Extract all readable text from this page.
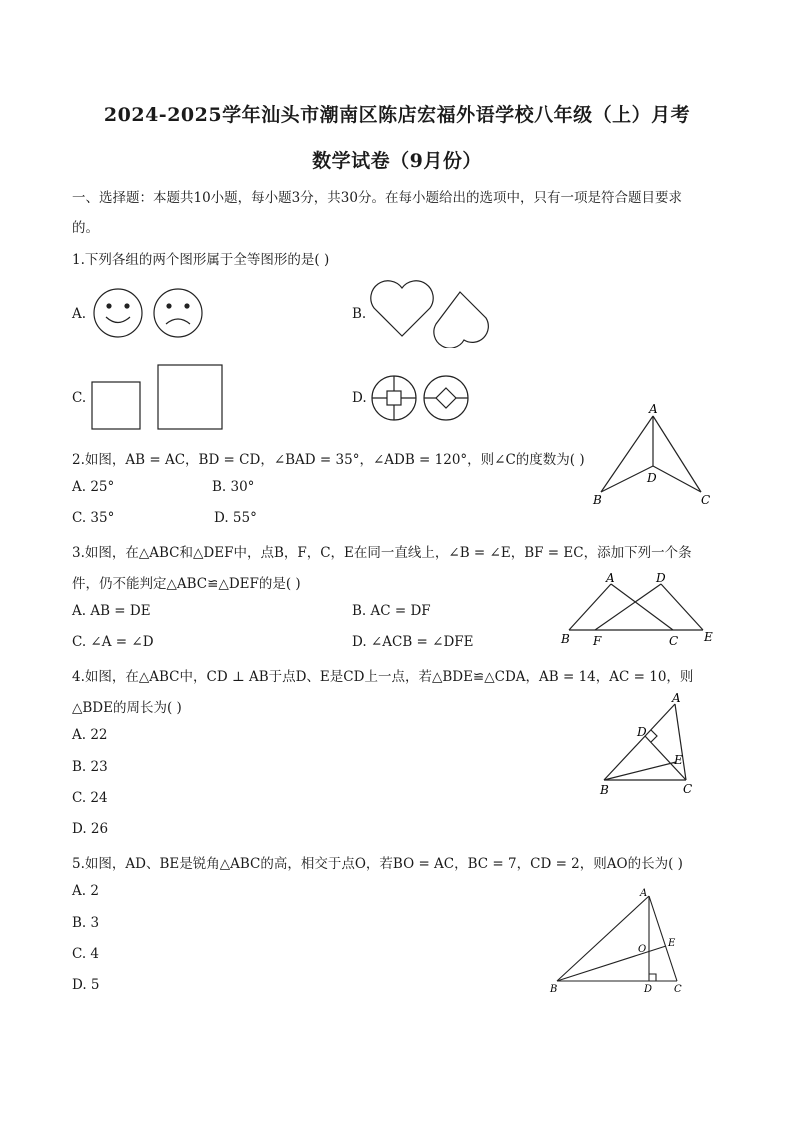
2024-2025学年汕头市潮南区陈店宏福外语学校八年级（上）月考
数学试卷（9月份）
一、选择题：本题共10小题，每小题3分，共30分。在每小题给出的选项中，只有一项是符合题目要求
的。
1.下列各组的两个图形属于全等图形的是( )
A.	B.
C.	D.
2.如图，AB = AC，BD = CD，∠BAD = 35°，∠ADB = 120°，则∠C的度数为( )
A. 25°	B. 30°
C. 35°	D. 55°
A
D
B	C
3.如图，在△ABC和△DEF中，点B，F，C，E在同一直线上，∠B = ∠E，BF = EC，添加下列一个条
件，仍不能判定△ABC≌△DEF的是( )
A. AB = DE	B. AC = DF
C. ∠A = ∠D	D. ∠ACB = ∠DFE
A	D
B F	C E
4.如图，在△ABC中，CD ⊥ AB于点D、E是CD上一点，若△BDE≌△CDA，AB = 14，AC = 10，则
△BDE的周长为( )
A. 22
B. 23
C. 24
D. 26
A
D
E
B	C
5.如图，AD、BE是锐角△ABC的高，相交于点O，若BO = AC，BC = 7，CD = 2，则AO的长为( )
A. 2
B. 3
C. 4
D. 5
A
O
E
B	D C
